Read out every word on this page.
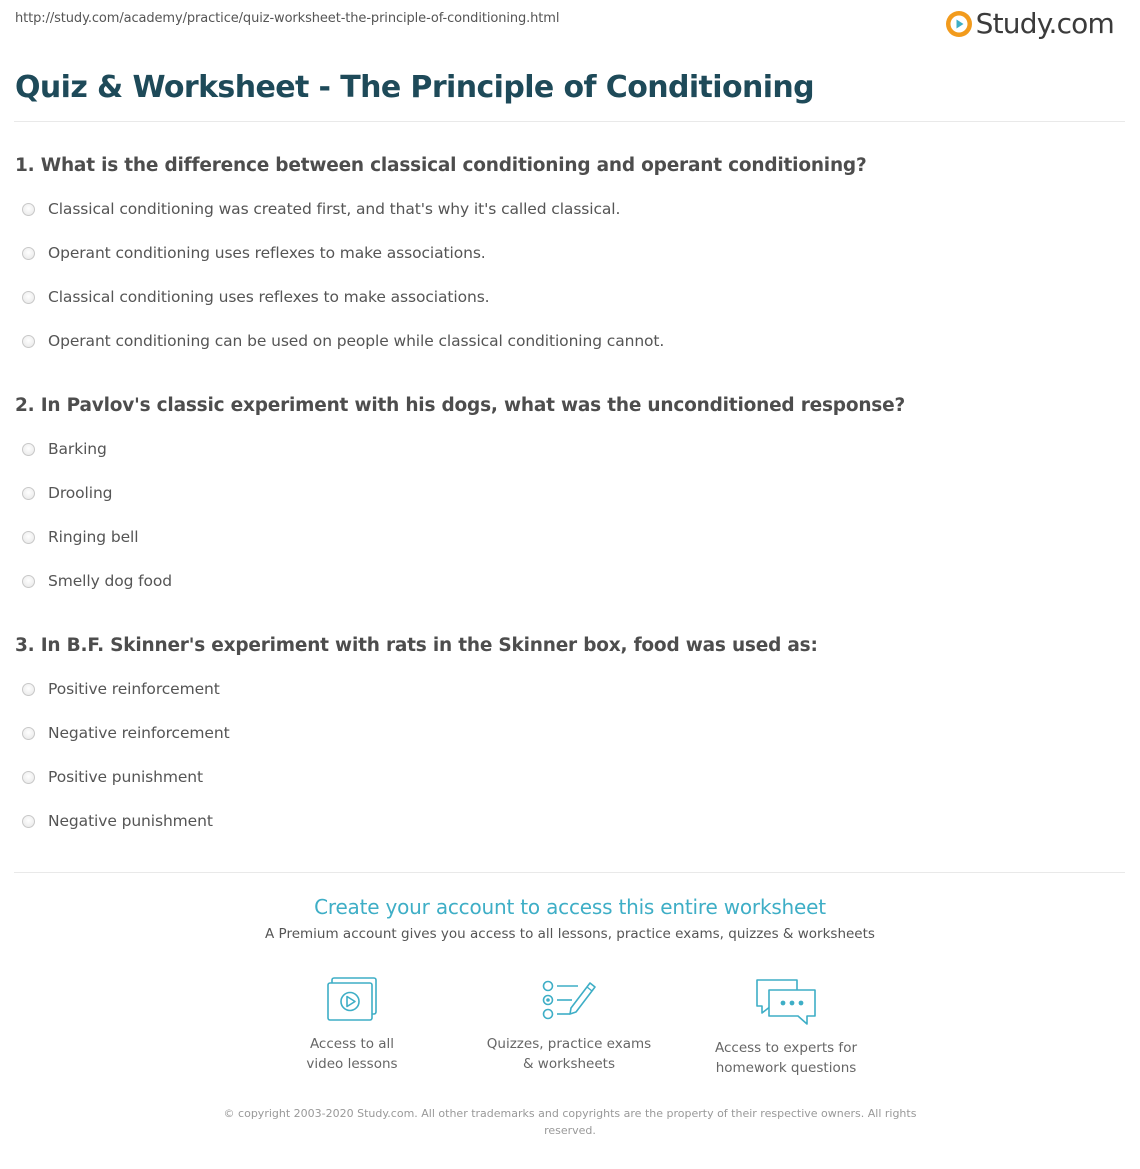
http://study.com/academy/practice/quiz-worksheet-the-principle-of-conditioning.html	Study.com
Quiz & Worksheet - The Principle of Conditioning
1. What is the difference between classical conditioning and operant conditioning?
Classical conditioning was created first, and that's why it's called classical.
Operant conditioning uses reflexes to make associations.
Classical conditioning uses reflexes to make associations.
Operant conditioning can be used on people while classical conditioning cannot.
2. In Pavlov's classic experiment with his dogs, what was the unconditioned response?
Barking
Drooling
Ringing bell
Smelly dog food
3. In B.F. Skinner's experiment with rats in the Skinner box, food was used as:
Positive reinforcement
Negative reinforcement
Positive punishment
Negative punishment
Create your account to access this entire worksheet
A Premium account gives you access to all lessons, practice exams, quizzes & worksheets
Access to all
video lessons
Quizzes, practice exams
& worksheets
Access to experts for
homework questions
© copyright 2003-2020 Study.com. All other trademarks and copyrights are the property of their respective owners. All rights reserved.
